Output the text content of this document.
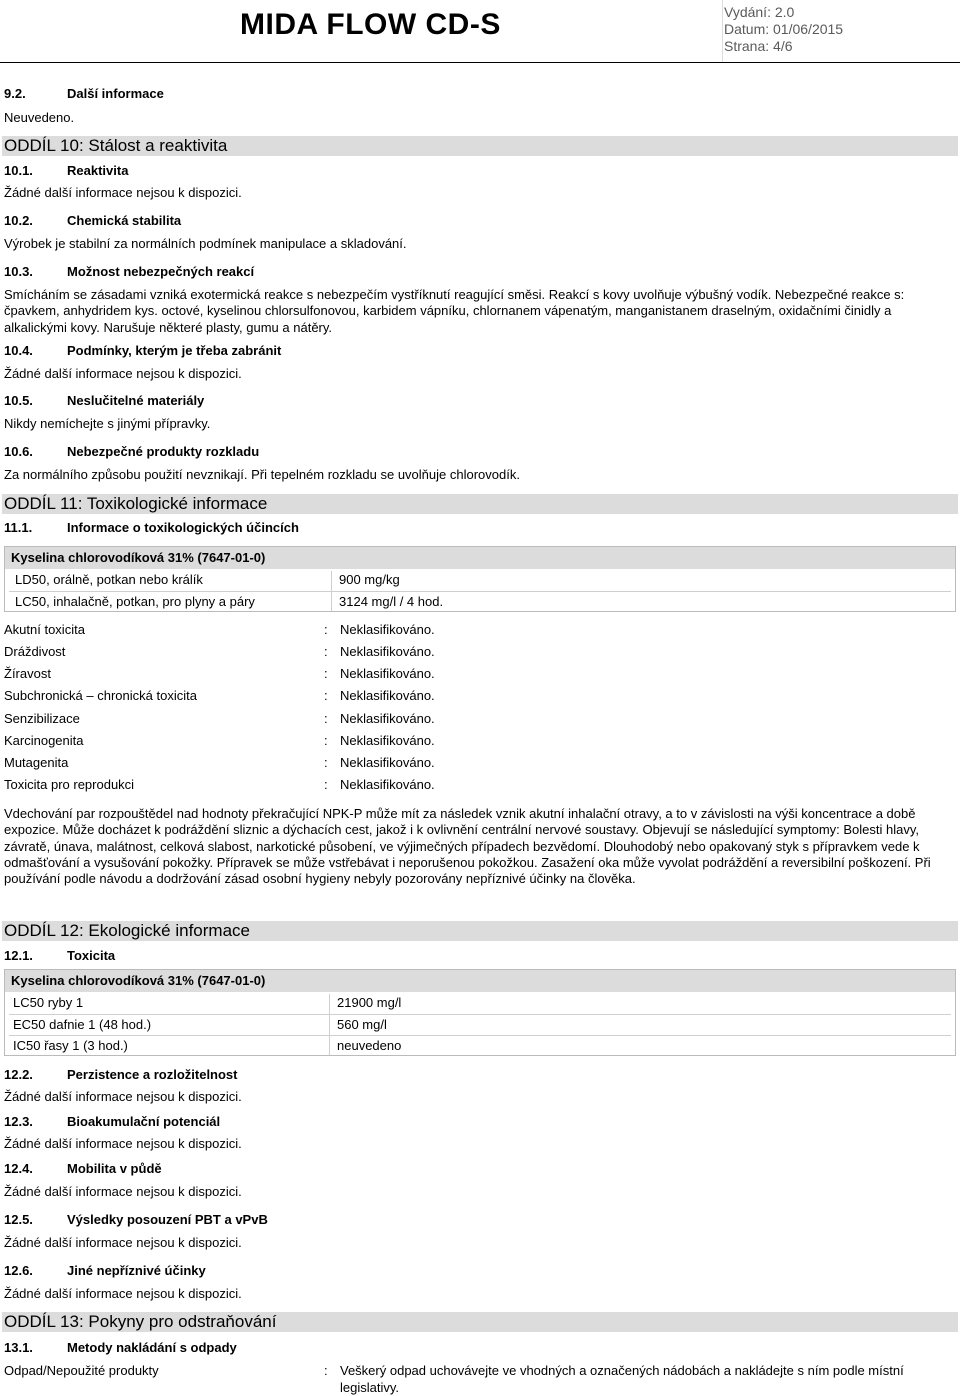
MIDA FLOW CD-S	Vydání: 2.0
Datum: 01/06/2015
Strana: 4/6
9.2.	Další informace
Neuvedeno.
ODDÍL 10: Stálost a reaktivita
10.1.	Reaktivita
Žádné další informace nejsou k dispozici.
10.2.	Chemická stabilita
Výrobek je stabilní za normálních podmínek manipulace a skladování.
10.3.	Možnost nebezpečných reakcí
Smícháním se zásadami vzniká exotermická reakce s nebezpečím vystříknutí reagující směsi. Reakcí s kovy uvolňuje výbušný vodík. Nebezpečné reakce s: čpavkem, anhydridem kys. octové, kyselinou chlorsulfonovou, karbidem vápníku, chlornanem vápenatým, manganistanem draselným, oxidačními činidly a alkalickými kovy. Narušuje některé plasty, gumu a nátěry.
10.4.	Podmínky, kterým je třeba zabránit
Žádné další informace nejsou k dispozici.
10.5.	Neslučitelné materiály
Nikdy nemíchejte s jinými přípravky.
10.6.	Nebezpečné produkty rozkladu
Za normálního způsobu použití nevznikají. Při tepelném rozkladu se uvolňuje chlorovodík.
ODDÍL 11: Toxikologické informace
11.1.	Informace o toxikologických účincích
Kyselina chlorovodíková 31% (7647-01-0)
LD50, orálně, potkan nebo králík	900 mg/kg
LC50, inhalačně, potkan, pro plyny a páry	3124 mg/l / 4 hod.
Akutní toxicita	: Neklasifikováno.
Dráždivost	: Neklasifikováno.
Žíravost	: Neklasifikováno.
Subchronická – chronická toxicita	: Neklasifikováno.
Senzibilizace	: Neklasifikováno.
Karcinogenita	: Neklasifikováno.
Mutagenita	: Neklasifikováno.
Toxicita pro reprodukci	: Neklasifikováno.
Vdechování par rozpouštědel nad hodnoty překračující NPK-P může mít za následek vznik akutní inhalační otravy, a to v závislosti na výši koncentrace a době expozice. Může docházet k podráždění sliznic a dýchacích cest, jakož i k ovlivnění centrální nervové soustavy. Objevují se následující symptomy: Bolesti hlavy, závratě, únava, malátnost, celková slabost, narkotické působení, ve výjimečných případech bezvědomí. Dlouhodobý nebo opakovaný styk s přípravkem vede k odmašťování a vysušování pokožky. Přípravek se může vstřebávat i neporušenou pokožkou. Zasažení oka může vyvolat podráždění a reversibilní poškození. Při používání podle návodu a dodržování zásad osobní hygieny nebyly pozorovány nepříznivé účinky na člověka.
ODDÍL 12: Ekologické informace
12.1.	Toxicita
Kyselina chlorovodíková 31% (7647-01-0)
LC50 ryby 1	21900 mg/l
EC50 dafnie 1 (48 hod.)	560 mg/l
IC50 řasy 1 (3 hod.)	neuvedeno
12.2.	Perzistence a rozložitelnost
Žádné další informace nejsou k dispozici.
12.3.	Bioakumulační potenciál
Žádné další informace nejsou k dispozici.
12.4.	Mobilita v půdě
Žádné další informace nejsou k dispozici.
12.5.	Výsledky posouzení PBT a vPvB
Žádné další informace nejsou k dispozici.
12.6.	Jiné nepříznivé účinky
Žádné další informace nejsou k dispozici.
ODDÍL 13: Pokyny pro odstraňování
13.1.	Metody nakládání s odpady
Odpad/Nepoužité produkty	: Veškerý odpad uchovávejte ve vhodných a označených nádobách a nakládejte s ním podle místní legislativy.
